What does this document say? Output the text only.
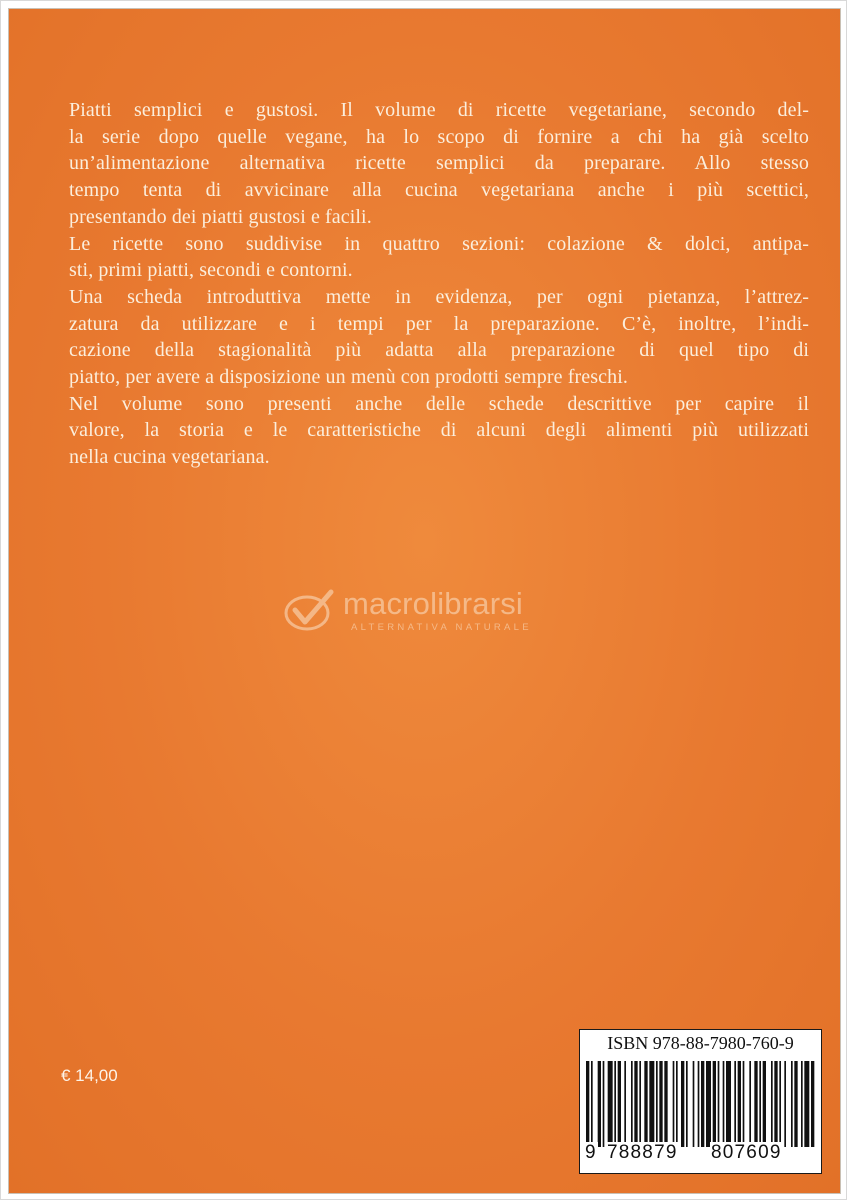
Piatti semplici e gustosi. Il volume di ricette vegetariane, secondo del-
la serie dopo quelle vegane, ha lo scopo di fornire a chi ha già scelto
un’alimentazione alternativa ricette semplici da preparare. Allo stesso
tempo tenta di avvicinare alla cucina vegetariana anche i più scettici,
presentando dei piatti gustosi e facili.

Le ricette sono suddivise in quattro sezioni: colazione & dolci, antipa-
sti, primi piatti, secondi e contorni.

Una scheda introduttiva mette in evidenza, per ogni pietanza, l’attrez-
zatura da utilizzare e i tempi per la preparazione. C’è, inoltre, l’indi-
cazione della stagionalità più adatta alla preparazione di quel tipo di
piatto, per avere a disposizione un menù con prodotti sempre freschi.

Nel volume sono presenti anche delle schede descrittive per capire il
valore, la storia e le caratteristiche di alcuni degli alimenti più utilizzati
nella cucina vegetariana.

macrolibrarsi
ALTERNATIVA NATURALE
€ 14,00
ISBN 978-88-7980-760-9
9 788879 807609
